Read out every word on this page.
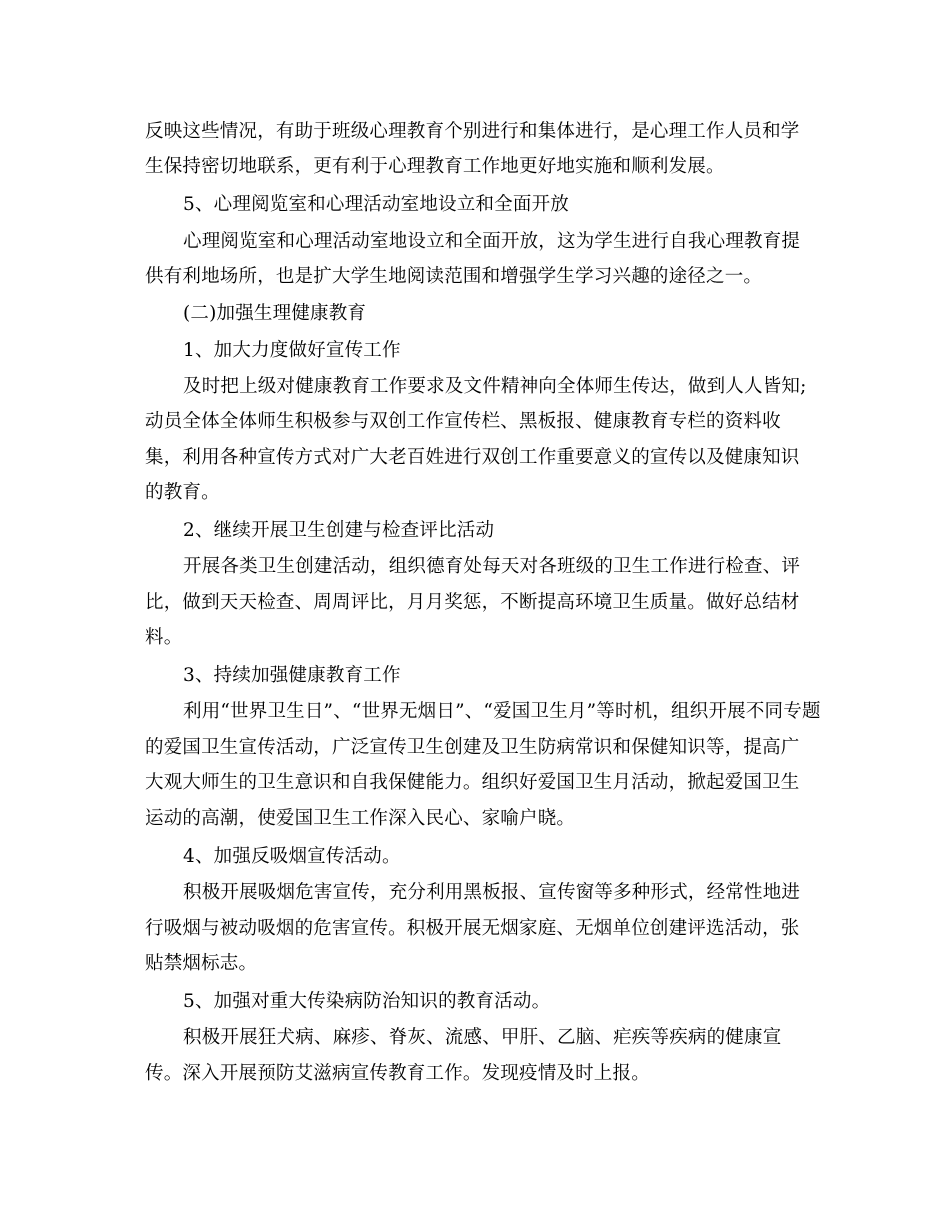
反映这些情况，有助于班级心理教育个别进行和集体进行，是心理工作人员和学
生保持密切地联系，更有利于心理教育工作地更好地实施和顺利发展。
5、心理阅览室和心理活动室地设立和全面开放
心理阅览室和心理活动室地设立和全面开放，这为学生进行自我心理教育提
供有利地场所，也是扩大学生地阅读范围和增强学生学习兴趣的途径之一。
(二)加强生理健康教育
1、加大力度做好宣传工作
及时把上级对健康教育工作要求及文件精神向全体师生传达，做到人人皆知;
动员全体全体师生积极参与双创工作宣传栏、黑板报、健康教育专栏的资料收
集，利用各种宣传方式对广大老百姓进行双创工作重要意义的宣传以及健康知识
的教育。
2、继续开展卫生创建与检查评比活动
开展各类卫生创建活动，组织德育处每天对各班级的卫生工作进行检查、评
比，做到天天检查、周周评比，月月奖惩，不断提高环境卫生质量。做好总结材
料。
3、持续加强健康教育工作
利用“世界卫生日”、“世界无烟日”、“爱国卫生月”等时机，组织开展不同专题
的爱国卫生宣传活动，广泛宣传卫生创建及卫生防病常识和保健知识等，提高广
大观大师生的卫生意识和自我保健能力。组织好爱国卫生月活动，掀起爱国卫生
运动的高潮，使爱国卫生工作深入民心、家喻户晓。
4、加强反吸烟宣传活动。
积极开展吸烟危害宣传，充分利用黑板报、宣传窗等多种形式，经常性地进
行吸烟与被动吸烟的危害宣传。积极开展无烟家庭、无烟单位创建评选活动，张
贴禁烟标志。
5、加强对重大传染病防治知识的教育活动。
积极开展狂犬病、麻疹、脊灰、流感、甲肝、乙脑、疟疾等疾病的健康宣
传。深入开展预防艾滋病宣传教育工作。发现疫情及时上报。
